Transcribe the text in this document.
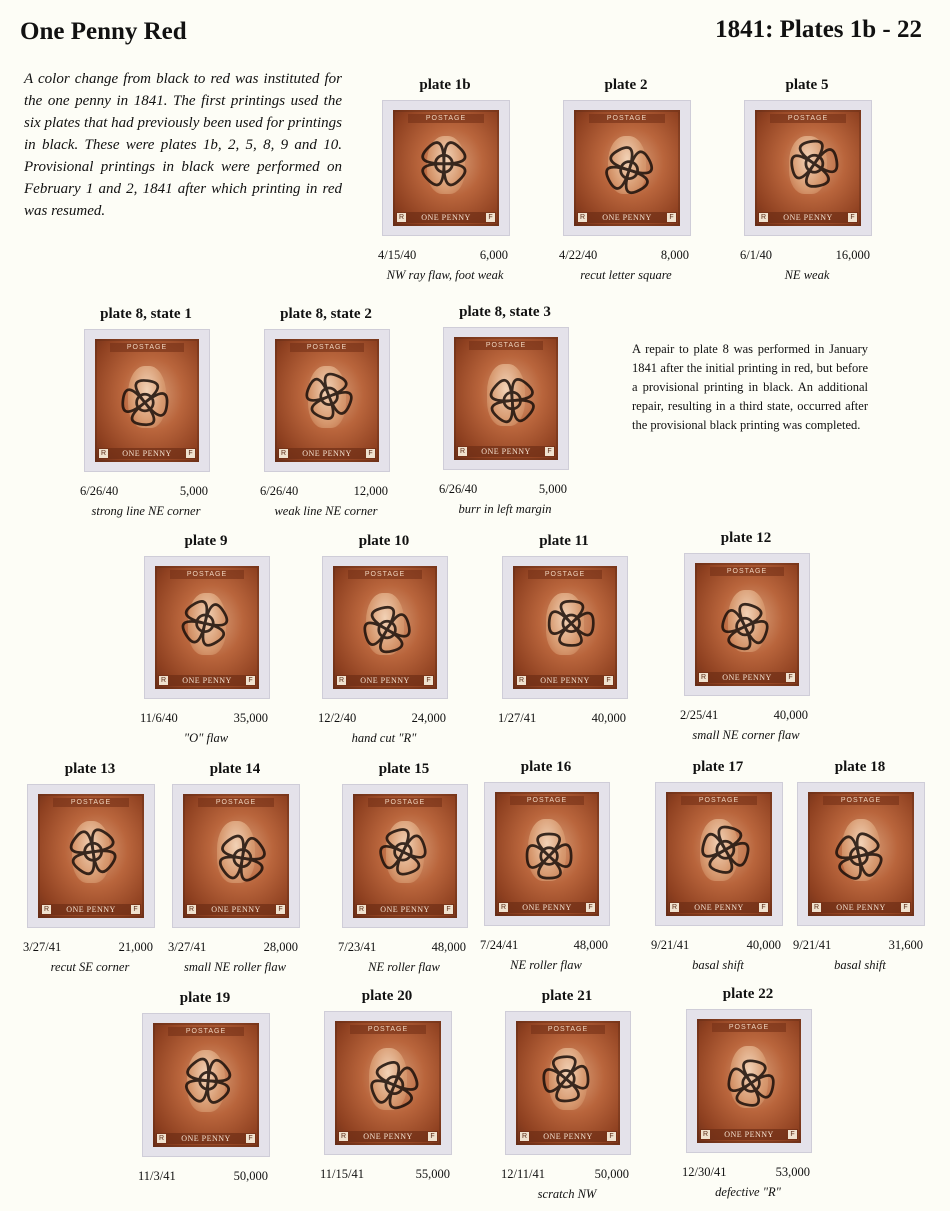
One Penny Red	1841: Plates 1b - 22
A color change from black to red was instituted for the one penny in 1841. The first printings used the six plates that had previously been used for printings in black. These were plates 1b, 2, 5, 8, 9 and 10. Provisional printings in black were performed on February 1 and 2, 1841 after which printing in red was resumed.
A repair to plate 8 was performed in January 1841 after the initial printing in red, but before a provisional printing in black. An additional repair, resulting in a third state, occurred after the provisional black printing was completed.
plate 1b
POSTAGE
ONE PENNY
R	F
4/15/40	6,000
NW ray flaw, foot weak
plate 2
POSTAGE
ONE PENNY
R	F
4/22/40	8,000
recut letter square
plate 5
POSTAGE
ONE PENNY
R	F
6/1/40	16,000
NE weak
plate 8, state 1
POSTAGE
ONE PENNY
R	F
6/26/40	5,000
strong line NE corner
plate 8, state 2
POSTAGE
ONE PENNY
R	F
6/26/40	12,000
weak line NE corner
plate 8, state 3
POSTAGE
ONE PENNY
R	F
6/26/40	5,000
burr in left margin
plate 9
POSTAGE
ONE PENNY
R	F
11/6/40	35,000
"O" flaw
plate 10
POSTAGE
ONE PENNY
R	F
12/2/40	24,000
hand cut "R"
plate 11
POSTAGE
ONE PENNY
R	F
1/27/41	40,000
plate 12
POSTAGE
ONE PENNY
R	F
2/25/41	40,000
small NE corner flaw
plate 13
POSTAGE
ONE PENNY
R	F
3/27/41	21,000
recut SE corner
plate 14
POSTAGE
ONE PENNY
R	F
3/27/41	28,000
small NE roller flaw
plate 15
POSTAGE
ONE PENNY
R	F
7/23/41	48,000
NE roller flaw
plate 16
POSTAGE
ONE PENNY
R	F
7/24/41	48,000
NE roller flaw
plate 17
POSTAGE
ONE PENNY
R	F
9/21/41	40,000
basal shift
plate 18
POSTAGE
ONE PENNY
R	F
9/21/41	31,600
basal shift
plate 19
POSTAGE
ONE PENNY
R	F
11/3/41	50,000
plate 20
POSTAGE
ONE PENNY
R	F
11/15/41	55,000
plate 21
POSTAGE
ONE PENNY
R	F
12/11/41	50,000
scratch NW
plate 22
POSTAGE
ONE PENNY
R	F
12/30/41	53,000
defective "R"
